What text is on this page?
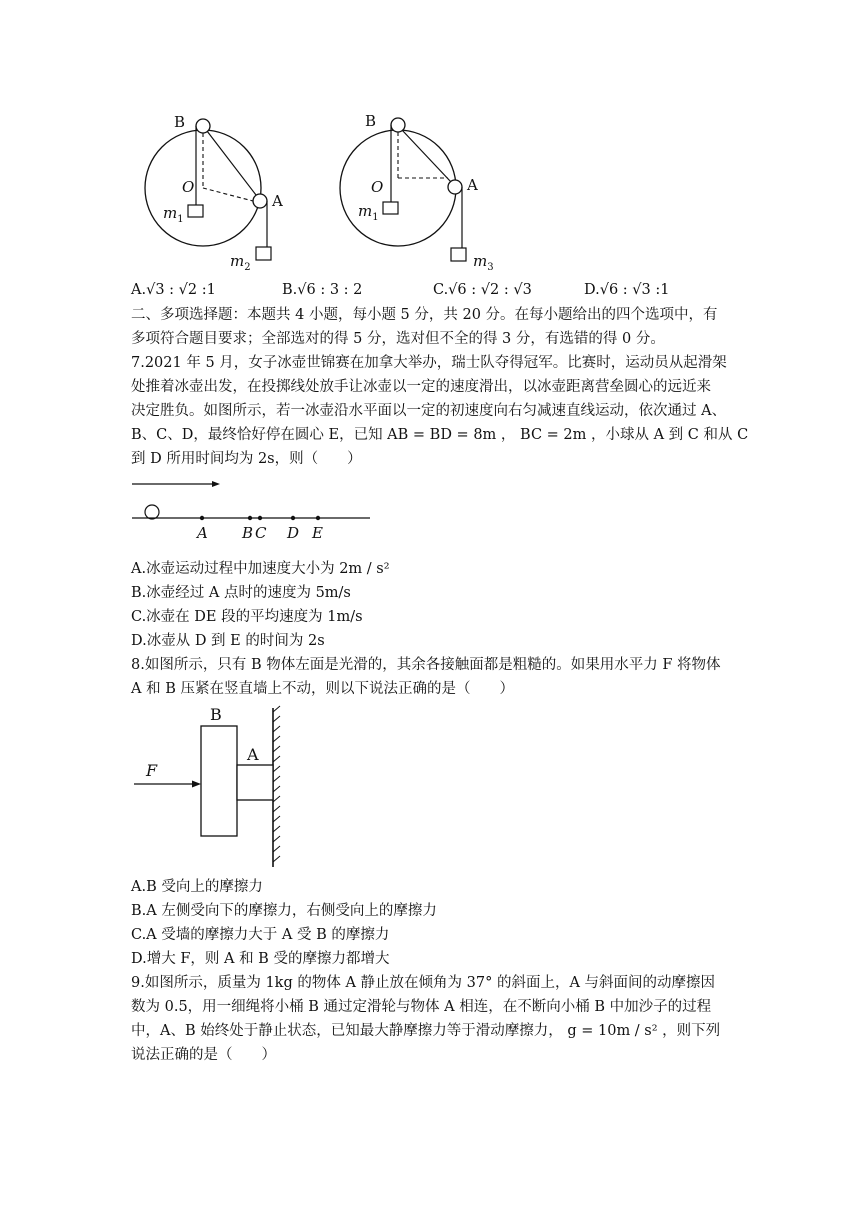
B
O
A
$m_1$
$m_2$
B
O	A
$m_1$
$m_3$
A.√3 : √2 :1	B.√6 : 3 : 2	C.√6 : √2 : √3	D.√6 : √3 :1
二、多项选择题：本题共 4 小题，每小题 5 分，共 20 分。在每小题给出的四个选项中，有
多项符合题目要求；全部选对的得 5 分，选对但不全的得 3 分，有选错的得 0 分。
7.2021 年 5 月，女子冰壶世锦赛在加拿大举办，瑞士队夺得冠军。比赛时，运动员从起滑架
处推着冰壶出发，在投掷线处放手让冰壶以一定的速度滑出，以冰壶距离营垒圆心的远近来
决定胜负。如图所示，若一冰壶沿水平面以一定的初速度向右匀减速直线运动，依次通过 A、
B、C、D，最终恰好停在圆心 E，已知 AB = BD = 8m ， BC = 2m ，小球从 A 到 C 和从 C
到 D 所用时间均为 2s，则（　　）
A B C D E
A.冰壶运动过程中加速度大小为 2m / s²
B.冰壶经过 A 点时的速度为 5m/s
C.冰壶在 DE 段的平均速度为 1m/s
D.冰壶从 D 到 E 的时间为 2s
8.如图所示，只有 B 物体左面是光滑的，其余各接触面都是粗糙的。如果用水平力 F 将物体
A 和 B 压紧在竖直墙上不动，则以下说法正确的是（　　）
B
A
F
A.B 受向上的摩擦力
B.A 左侧受向下的摩擦力，右侧受向上的摩擦力
C.A 受墙的摩擦力大于 A 受 B 的摩擦力
D.增大 F，则 A 和 B 受的摩擦力都增大
9.如图所示，质量为 1kg 的物体 A 静止放在倾角为 37° 的斜面上，A 与斜面间的动摩擦因
数为 0.5，用一细绳将小桶 B 通过定滑轮与物体 A 相连，在不断向小桶 B 中加沙子的过程
中，A、B 始终处于静止状态，已知最大静摩擦力等于滑动摩擦力， g = 10m / s² ，则下列
说法正确的是（　　）
